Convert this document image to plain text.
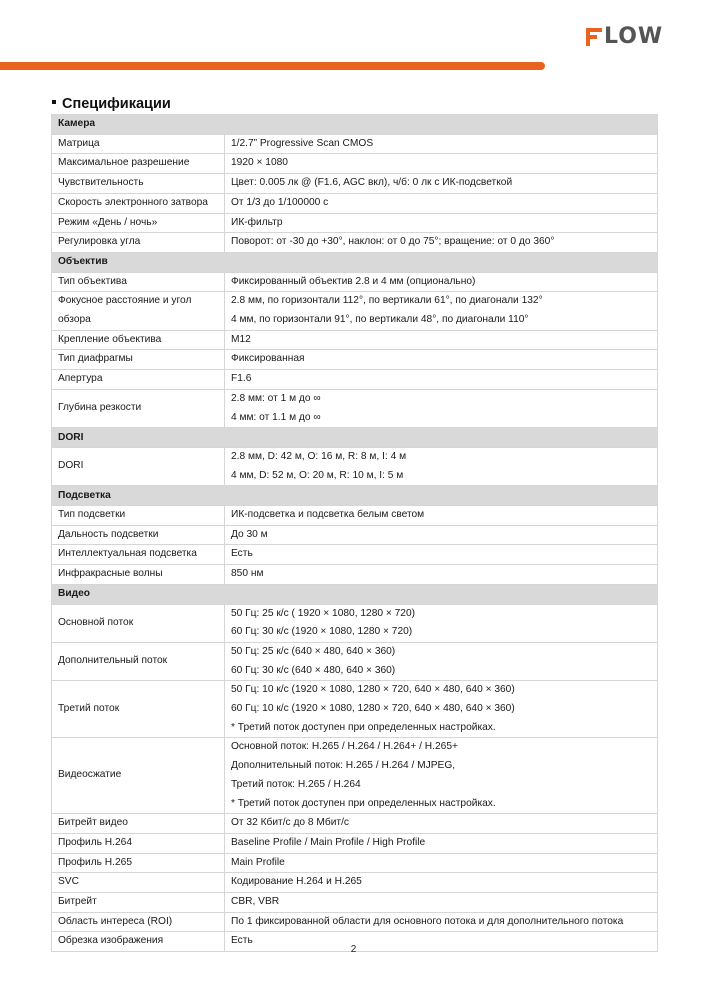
LOW
Спецификации
Камера	
Матрица	1/2.7” Progressive Scan CMOS

Максимальное разрешение	1920 × 1080

Чувствительность	Цвет: 0.005 лк @ (F1.6, AGC вкл), ч/б: 0 лк с ИК-подсветкой

Скорость электронного затвора	От 1/3 до 1/100000 с

Режим «День / ночь»	ИК-фильтр

Регулировка угла	Поворот: от -30 до +30°, наклон: от 0 до 75°; вращение: от 0 до 360°

Объектив	
Тип объектива	Фиксированный объектив 2.8 и 4 мм (опционально)

Фокусное расстояние и угол обзора	2.8 мм, по горизонтали 112°, по вертикали 61°, по диагонали 132°
4 мм, по горизонтали 91°, по вертикали 48°, по диагонали 110°

Крепление объектива	M12

Тип диафрагмы	Фиксированная

Апертура	F1.6

Глубина резкости	2.8 мм: от 1 м до ∞
4 мм: от 1.1 м до ∞

DORI	
DORI	2.8 мм, D: 42 м, O: 16 м, R: 8 м, I: 4 м
4 мм, D: 52 м, O: 20 м, R: 10 м, I: 5 м

Подсветка	
Тип подсветки	ИК-подсветка и подсветка белым светом

Дальность подсветки	До 30 м

Интеллектуальная подсветка	Есть

Инфракрасные волны	850 нм

Видео	
Основной поток	50 Гц: 25 к/с ( 1920 × 1080, 1280 × 720)
60 Гц: 30 к/с (1920 × 1080, 1280 × 720)

Дополнительный поток	50 Гц: 25 к/с (640 × 480, 640 × 360)
60 Гц: 30 к/с (640 × 480, 640 × 360)

Третий поток	50 Гц: 10 к/с (1920 × 1080, 1280 × 720, 640 × 480, 640 × 360)
60 Гц: 10 к/с (1920 × 1080, 1280 × 720, 640 × 480, 640 × 360)
* Третий поток доступен при определенных настройках.

Видеосжатие	Основной поток: H.265 / H.264 / H.264+ / H.265+
Дополнительный поток: H.265 / H.264 / MJPEG,
Третий поток: H.265 / H.264
* Третий поток доступен при определенных настройках.

Битрейт видео	От 32 Кбит/с до 8 Мбит/с

Профиль H.264	Baseline Profile / Main Profile / High Profile

Профиль H.265	Main Profile

SVC	Кодирование H.264 и H.265

Битрейт	CBR, VBR

Область интереса (ROI)	По 1 фиксированной области для основного потока и для дополнительного потока

Обрезка изображения	Есть
2
